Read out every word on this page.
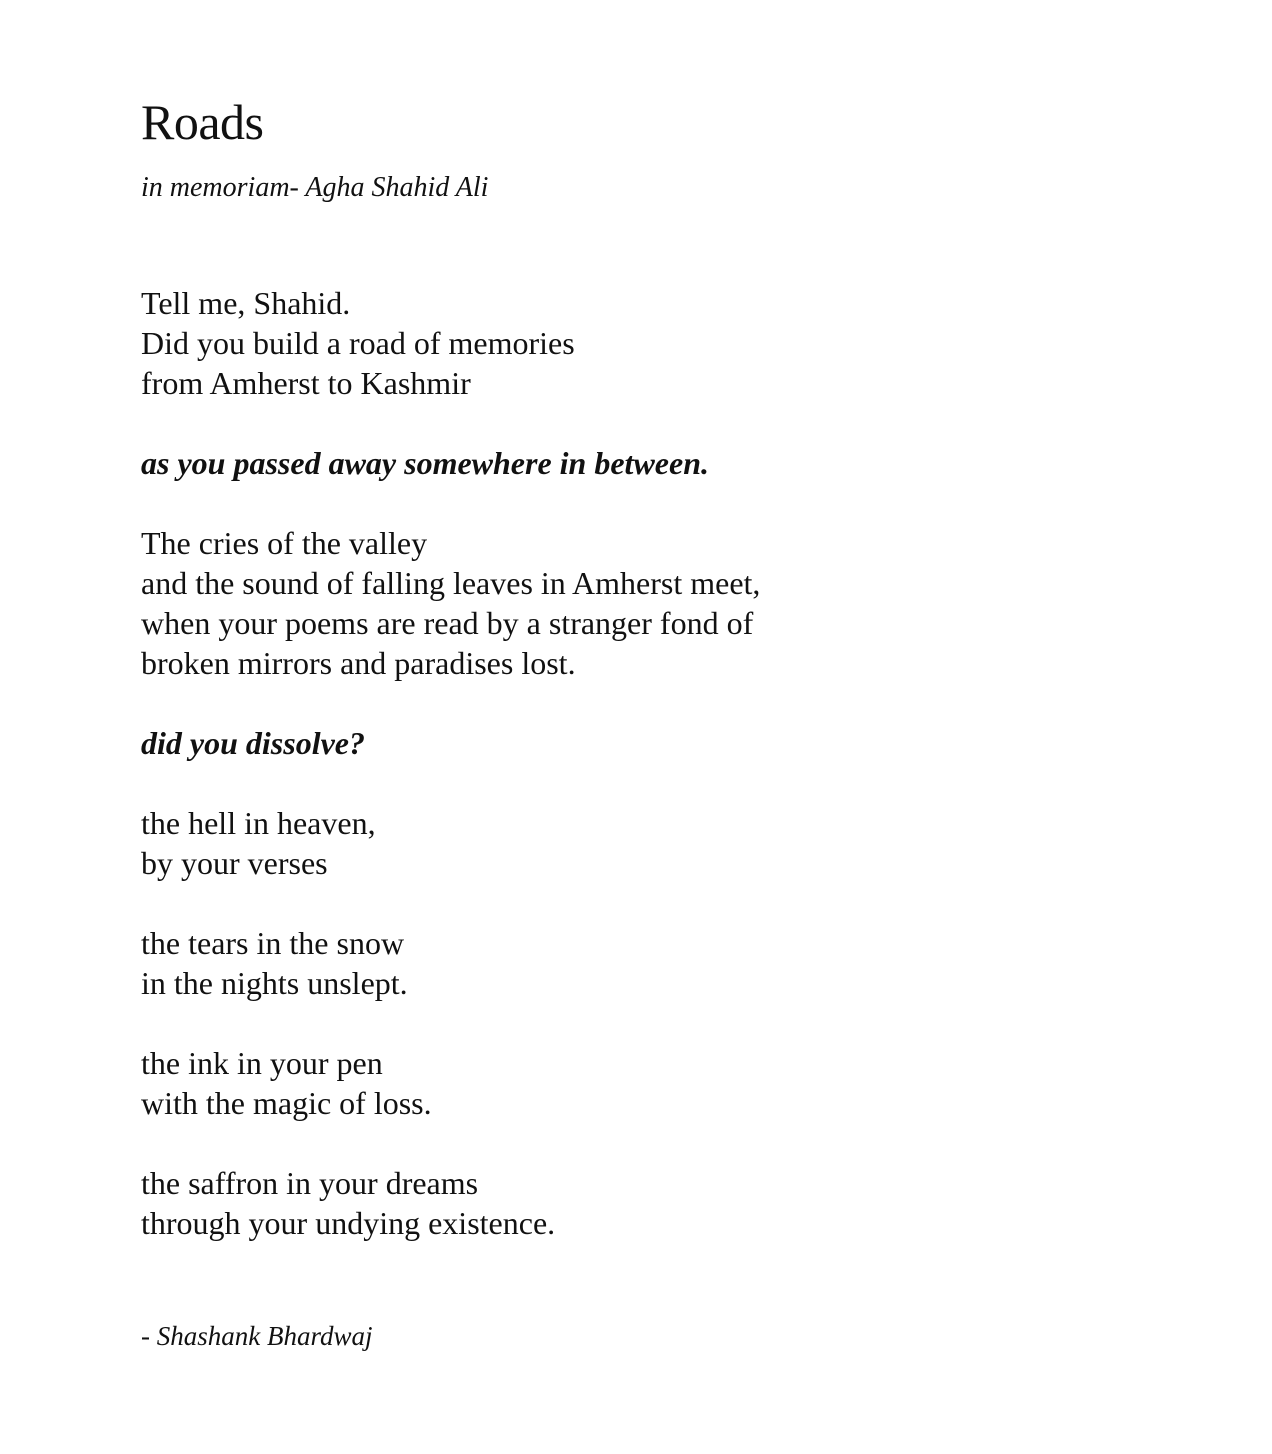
Roads

in memoriam- Agha Shahid Ali

Tell me, Shahid.
Did you build a road of memories
from Amherst to Kashmir
as you passed away somewhere in between.
The cries of the valley
and the sound of falling leaves in Amherst meet,
when your poems are read by a stranger fond of
broken mirrors and paradises lost.
did you dissolve?
the hell in heaven,
by your verses
the tears in the snow
in the nights unslept.
the ink in your pen
with the magic of loss.
the saffron in your dreams
through your undying existence.

- Shashank Bhardwaj
